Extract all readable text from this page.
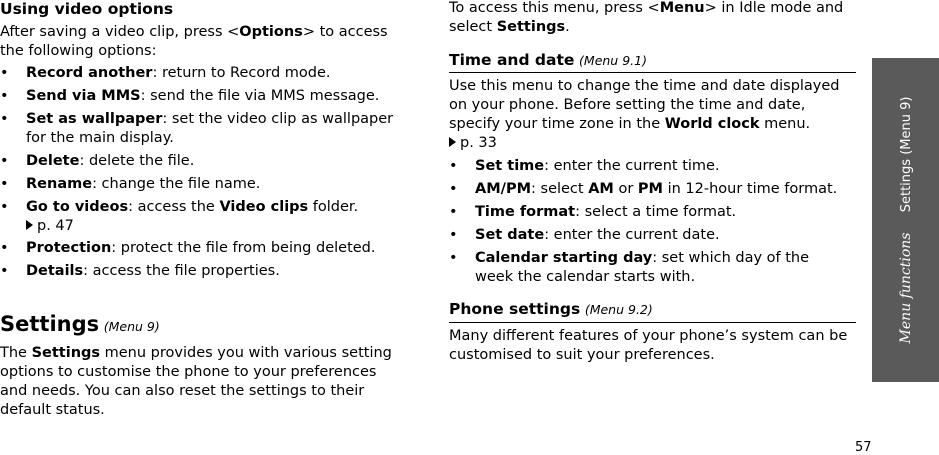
Using video options
After saving a video clip, press <Options> to access
the following options:
• Record another: return to Record mode.
• Send via MMS: send the file via MMS message.
• Set as wallpaper: set the video clip as wallpaper
for the main display.
• Delete: delete the file.
• Rename: change the file name.
• Go to videos: access the Video clips folder.
p. 47
• Protection: protect the file from being deleted.
• Details: access the file properties.
Settings (Menu 9)
The Settings menu provides you with various setting
options to customise the phone to your preferences
and needs. You can also reset the settings to their
default status.
To access this menu, press <Menu> in Idle mode and
select Settings.
Time and date (Menu 9.1)
Use this menu to change the time and date displayed
on your phone. Before setting the time and date,
specify your time zone in the World clock menu.
p. 33
• Set time: enter the current time.
• AM/PM: select AM or PM in 12-hour time format.
• Time format: select a time format.
• Set date: enter the current date.
• Calendar starting day: set which day of the
week the calendar starts with.
Phone settings (Menu 9.2)
Many different features of your phone’s system can be
customised to suit your preferences.
Menu functions  Settings (Menu 9)
57
